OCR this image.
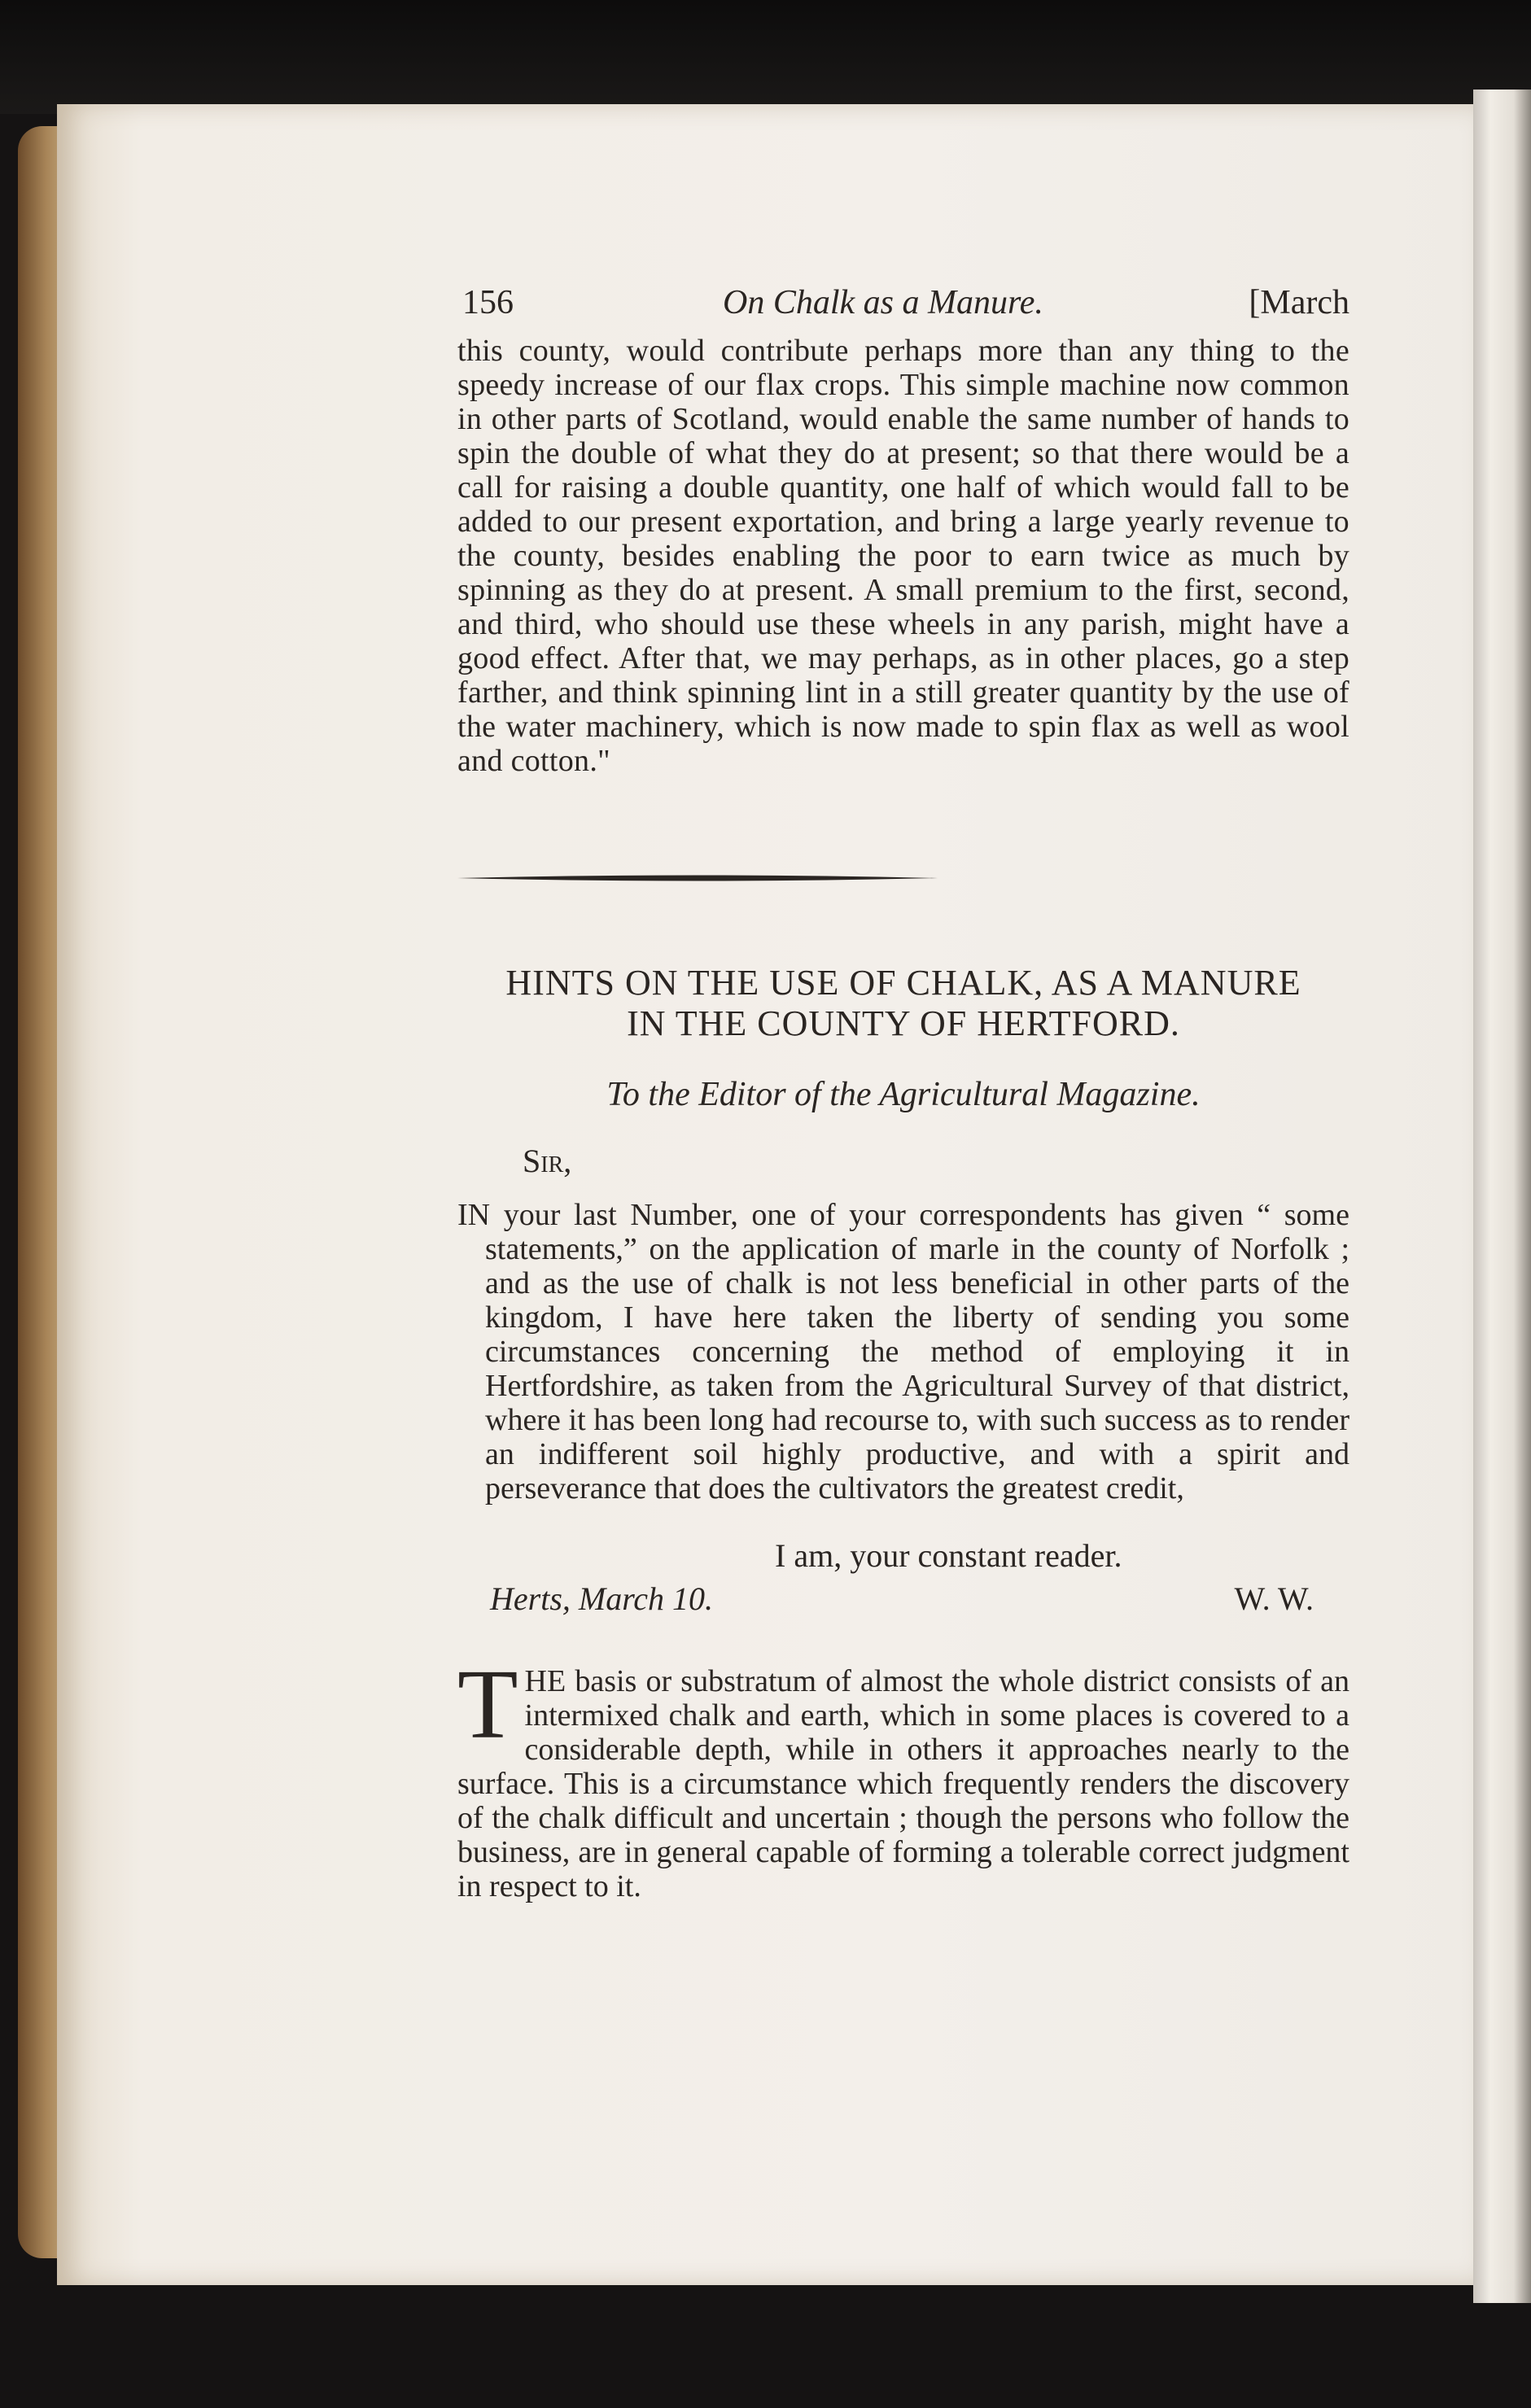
156	On Chalk as a Manure.	[March

this county, would contribute perhaps more than any thing to the speedy increase of our flax crops. This simple machine now common in other parts of Scotland, would enable the same number of hands to spin the double of what they do at present; so that there would be a call for raising a double quantity, one half of which would fall to be added to our present exportation, and bring a large yearly revenue to the county, besides enabling the poor to earn twice as much by spinning as they do at present. A small premium to the first, second, and third, who should use these wheels in any parish, might have a good effect. After that, we may perhaps, as in other places, go a step farther, and think spinning lint in a still greater quantity by the use of the water machinery, which is now made to spin flax as well as wool and cotton."

HINTS ON THE USE OF CHALK, AS A MANURE
IN THE COUNTY OF HERTFORD.
To the Editor of the Agricultural Magazine.
Sir,

IN your last Number, one of your correspondents has given “ some statements,” on the application of marle in the county of Norfolk ; and as the use of chalk is not less beneficial in other parts of the kingdom, I have here taken the liberty of sending you some circumstances concerning the method of employing it in Hertfordshire, as taken from the Agricultural Survey of that district, where it has been long had recourse to, with such success as to render an indifferent soil highly productive, and with a spirit and perseverance that does the cultivators the greatest credit,

I am, your constant reader.
Herts, March 10.	W. W.

T HE basis or substratum of almost the whole district consists of an intermixed chalk and earth, which in some places is covered to a considerable depth, while in others it approaches nearly to the surface. This is a circumstance which frequently renders the discovery of the chalk difficult and uncertain ; though the persons who follow the business, are in general capable of forming a tolerable correct judgment in respect to it.
